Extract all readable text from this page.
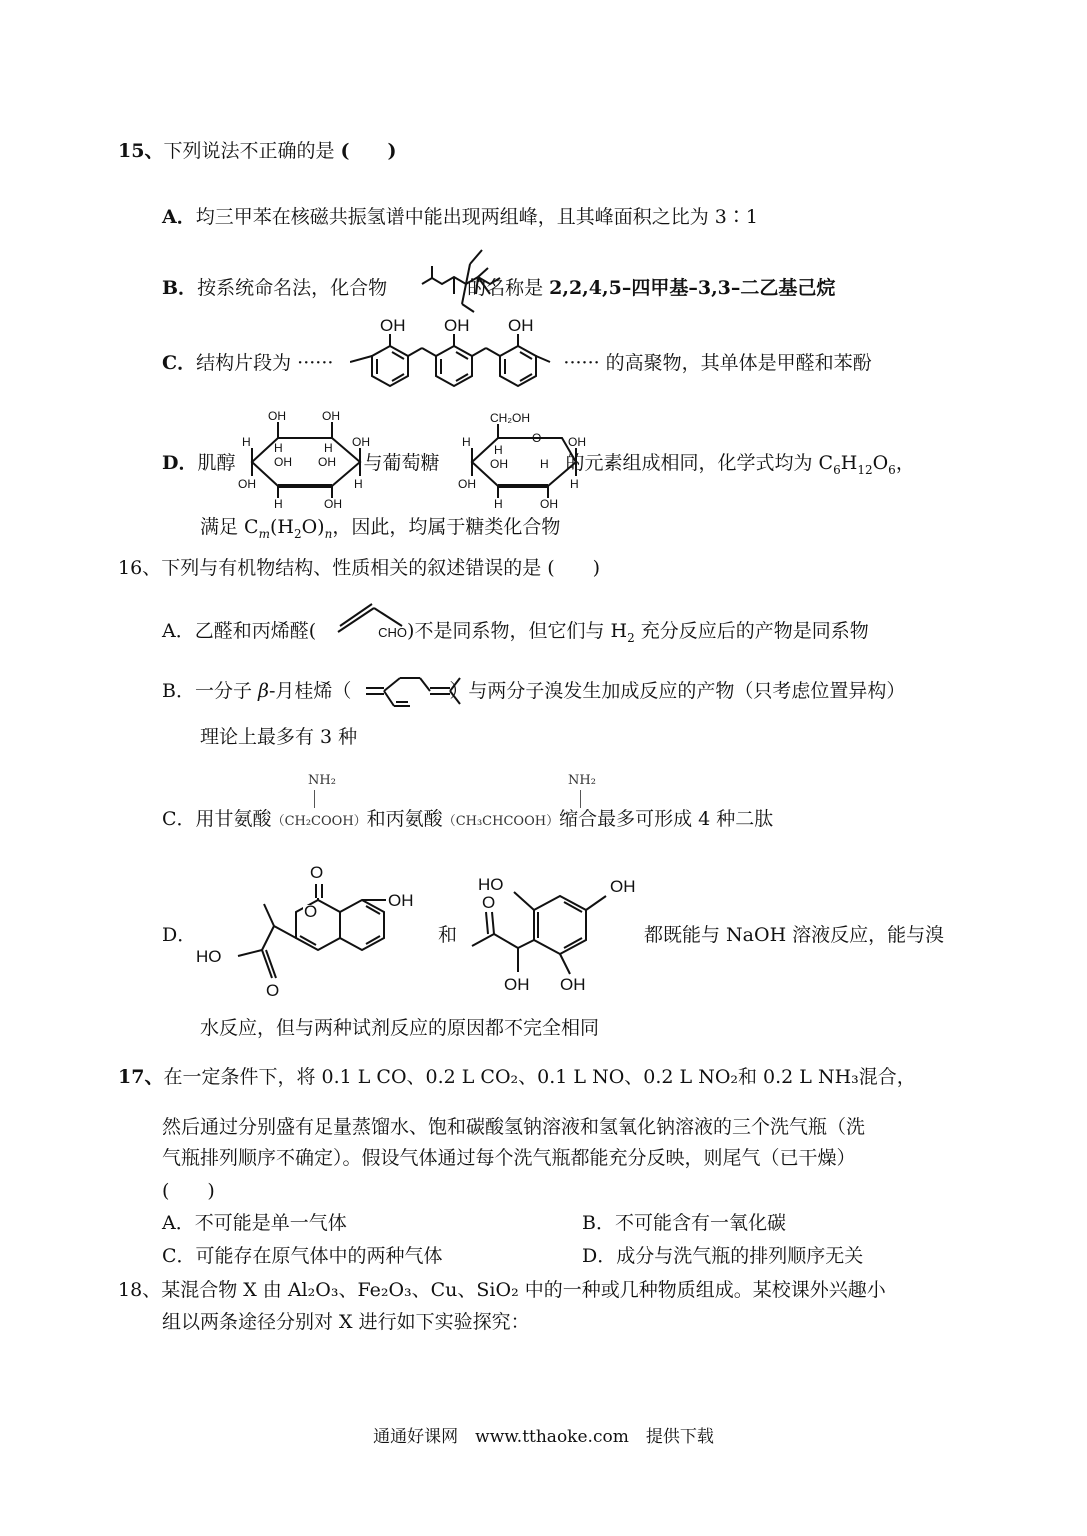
15、下列说法不正确的是 (　　)
A．均三甲苯在核磁共振氢谱中能出现两组峰，且其峰面积之比为 3∶1
B．按系统命名法，化合物	的名称是 2,2,4,5–四甲基–3,3–二乙基己烷
C．结构片段为 ······	······ 的高聚物，其单体是甲醛和苯酚
OH OH OH
D．肌醇	与葡萄糖	的元素组成相同，化学式均为 $C_6H_{12}O_6$，
OH	OH
H	OH
OH	H
H
OH
H
OH
H	OH
O
CH₂OH
H	OH
OH	H
H
OH	H
H	OH
满足 $C_m(H_2O)_n$，因此，均属于糖类化合物
16、下列与有机物结构、性质相关的叙述错误的是 (　　)
A．乙醛和丙烯醛(	CHO)不是同系物，但它们与 $H_2$ 充分反应后的产物是同系物
B．一分子 β-月桂烯（	）与两分子溴发生加成反应的产物（只考虑位置异构）
理论上最多有 3 种
NH₂	NH₂
C．用甘氨酸（CH₂COOH）和丙氨酸（CH₃CHCOOH）缩合最多可形成 4 种二肽
D．
O
O
OH
O
HO
和
HO	OH
OH
OH
O
都既能与 NaOH 溶液反应，能与溴
水反应，但与两种试剂反应的原因都不完全相同
17、在一定条件下，将 0.1 L CO、0.2 L CO₂、0.1 L NO、0.2 L NO₂和 0.2 L NH₃混合，
然后通过分别盛有足量蒸馏水、饱和碳酸氢钠溶液和氢氧化钠溶液的三个洗气瓶（洗
气瓶排列顺序不确定）。假设气体通过每个洗气瓶都能充分反映，则尾气（已干燥）
(　　)
A．不可能是单一气体	B．不可能含有一氧化碳
C．可能存在原气体中的两种气体	D．成分与洗气瓶的排列顺序无关
18、某混合物 X 由 Al₂O₃、Fe₂O₃、Cu、SiO₂ 中的一种或几种物质组成。某校课外兴趣小
组以两条途径分别对 X 进行如下实验探究：
通通好课网　www.tthaoke.com　提供下载
